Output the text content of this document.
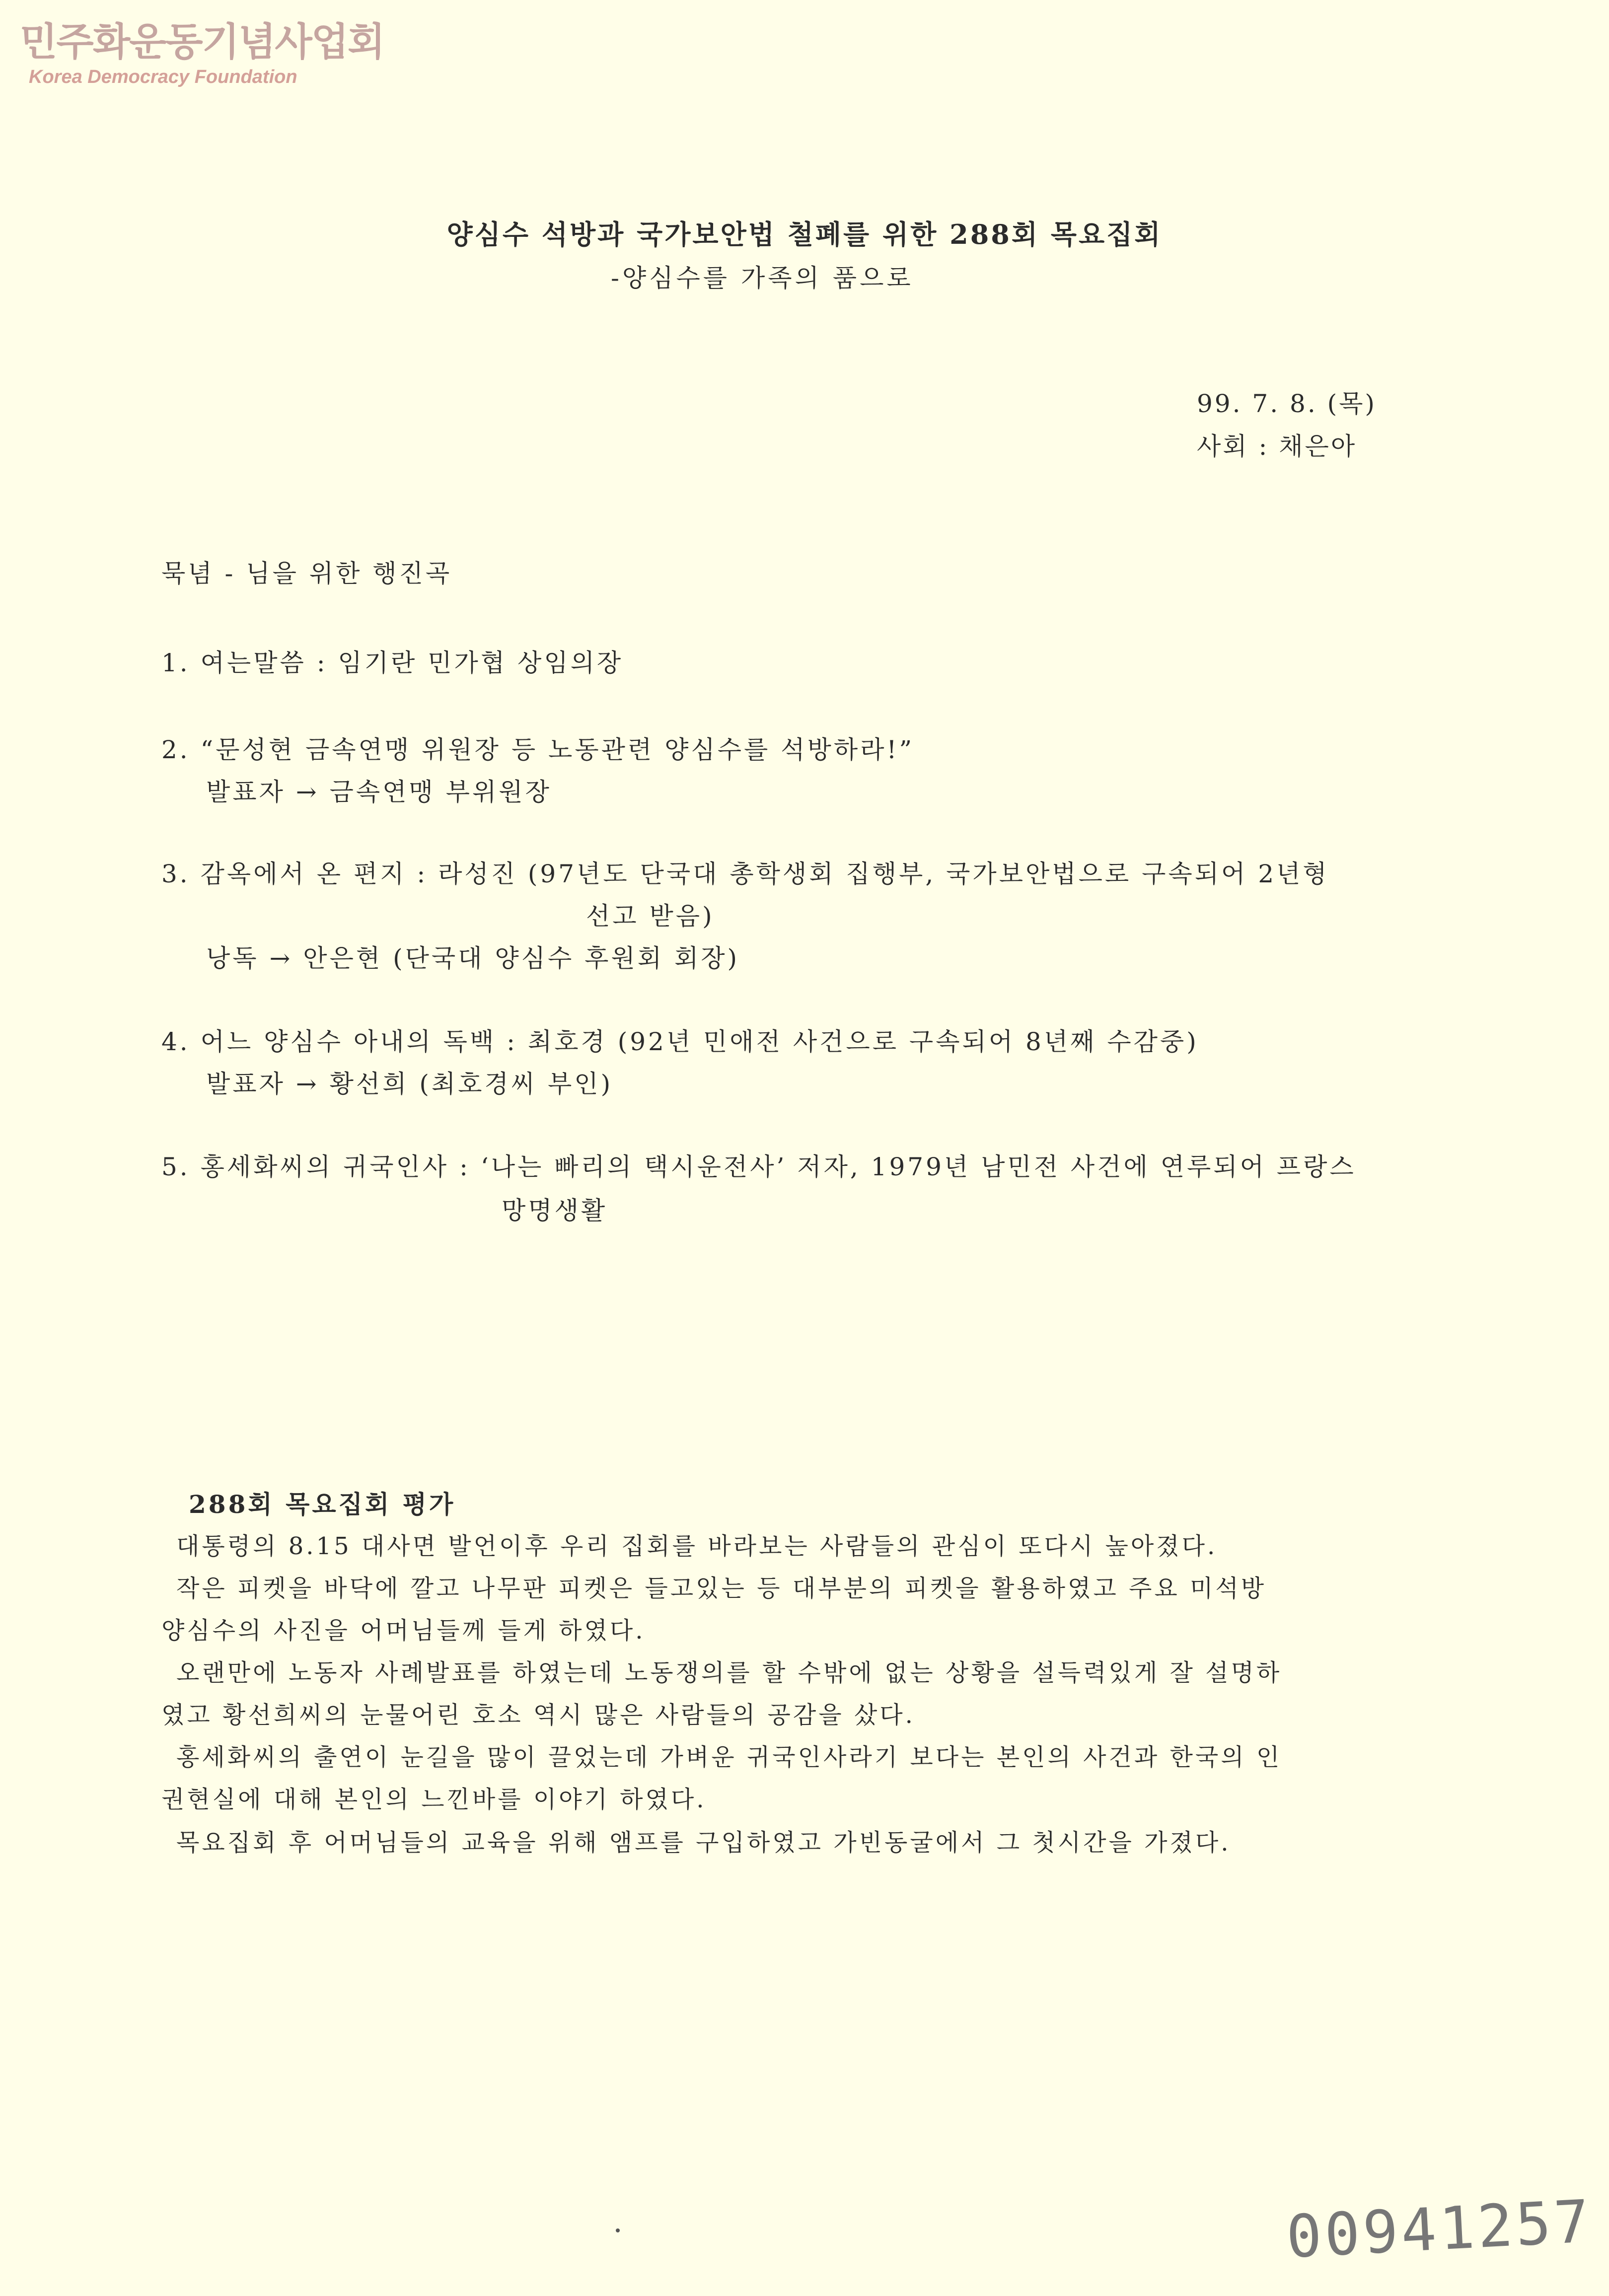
민주화운동기념사업회
Korea Democracy Foundation
양심수 석방과 국가보안법 철폐를 위한 288회 목요집회
-양심수를 가족의 품으로
99. 7. 8. (목)
사회 : 채은아
묵념 - 님을 위한 행진곡
1. 여는말씀 : 임기란 민가협 상임의장
2. “문성현 금속연맹 위원장 등 노동관련 양심수를 석방하라!”
발표자 → 금속연맹 부위원장
3. 감옥에서 온 편지 : 라성진 (97년도 단국대 총학생회 집행부, 국가보안법으로 구속되어 2년형
선고 받음)
낭독 → 안은현 (단국대 양심수 후원회 회장)
4. 어느 양심수 아내의 독백 : 최호경 (92년 민애전 사건으로 구속되어 8년째 수감중)
발표자 → 황선희 (최호경씨 부인)
5. 홍세화씨의 귀국인사 : ‘나는 빠리의 택시운전사’ 저자, 1979년 남민전 사건에 연루되어 프랑스
망명생활
288회 목요집회 평가
대통령의 8.15 대사면 발언이후 우리 집회를 바라보는 사람들의 관심이 또다시 높아졌다.
작은 피켓을 바닥에 깔고 나무판 피켓은 들고있는 등 대부분의 피켓을 활용하였고 주요 미석방
양심수의 사진을 어머님들께 들게 하였다.
오랜만에 노동자 사례발표를 하였는데 노동쟁의를 할 수밖에 없는 상황을 설득력있게 잘 설명하
였고 황선희씨의 눈물어린 호소 역시 많은 사람들의 공감을 샀다.
홍세화씨의 출연이 눈길을 많이 끌었는데 가벼운 귀국인사라기 보다는 본인의 사건과 한국의 인
권현실에 대해 본인의 느낀바를 이야기 하였다.
목요집회 후 어머님들의 교육을 위해 앰프를 구입하였고 가빈동굴에서 그 첫시간을 가졌다.
00941257
